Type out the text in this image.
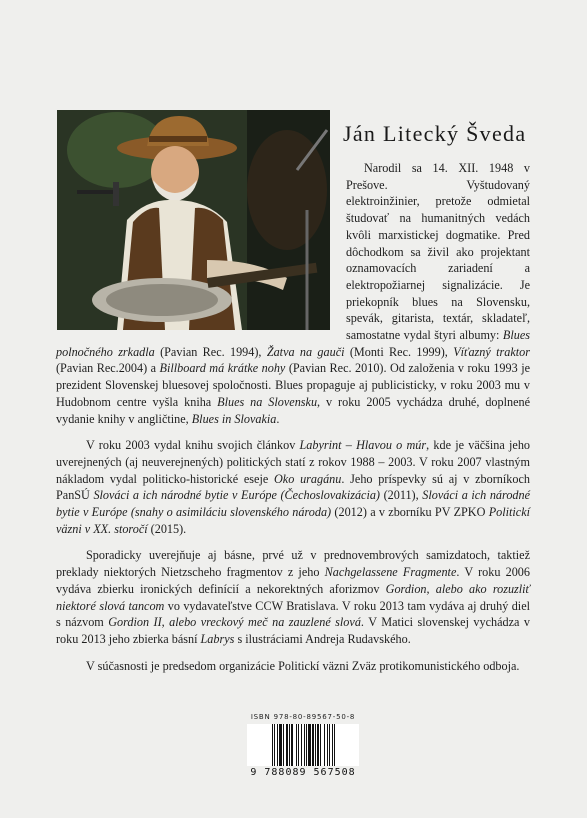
Ján Litecký Šveda

Narodil sa 14. XII. 1948 v Prešove. Vyštudovaný elektroinžinier, pretože odmietal študovať na humanitných vedách kvôli marxistickej dogmatike. Pred dôchodkom sa živil ako projektant oznamovacích zariadení a elektropožiarnej signalizácie. Je priekopník blues na Slovensku, spevák, gitarista, textár, skladateľ, samostatne vydal štyri albumy: Blues polnočného zrkadla (Pavian Rec. 1994), Žatva na gauči (Monti Rec. 1999), Víťazný traktor (Pavian Rec.2004) a Billboard má krátke nohy (Pavian Rec. 2010). Od založenia v roku 1993 je prezident Slovenskej bluesovej spoločnosti. Blues propaguje aj publicisticky, v roku 2003 mu v Hudobnom centre vyšla kniha Blues na Slovensku, v roku 2005 vychádza druhé, doplnené vydanie knihy v angličtine, Blues in Slovakia.

V roku 2003 vydal knihu svojich článkov Labyrint – Hlavou o múr, kde je väčšina jeho uverejnených (aj neuverejnených) politických statí z rokov 1988 – 2003. V roku 2007 vlastným nákladom vydal politicko-historické eseje Oko uragánu. Jeho príspevky sú aj v zborníkoch PanSÚ Slováci a ich národné bytie v Európe (Čechoslovakizácia) (2011), Slováci a ich národné bytie v Európe (snahy o asimiláciu slovenského národa) (2012) a v zborníku PV ZPKO Politickí väzni v XX. storočí (2015).

Sporadicky uverejňuje aj básne, prvé už v prednovembrových samizdatoch, taktiež preklady niektorých Nietzscheho fragmentov z jeho Nachgelassene Fragmente. V roku 2006 vydáva zbierku ironických definícií a nekorektných aforizmov Gordion, alebo ako rozuzliť niektoré slová tancom vo vydavateľstve CCW Bratislava. V roku 2013 tam vydáva aj druhý diel s názvom Gordion II, alebo vreckový meč na zauzlené slová. V Matici slovenskej vychádza v roku 2013 jeho zbierka básní Labrys s ilustráciami Andreja Rudavského.

V súčasnosti je predsedom organizácie Politickí väzni Zväz protikomunistického odboja.

ISBN 978-80-89567-50-8
9 788089 567508
